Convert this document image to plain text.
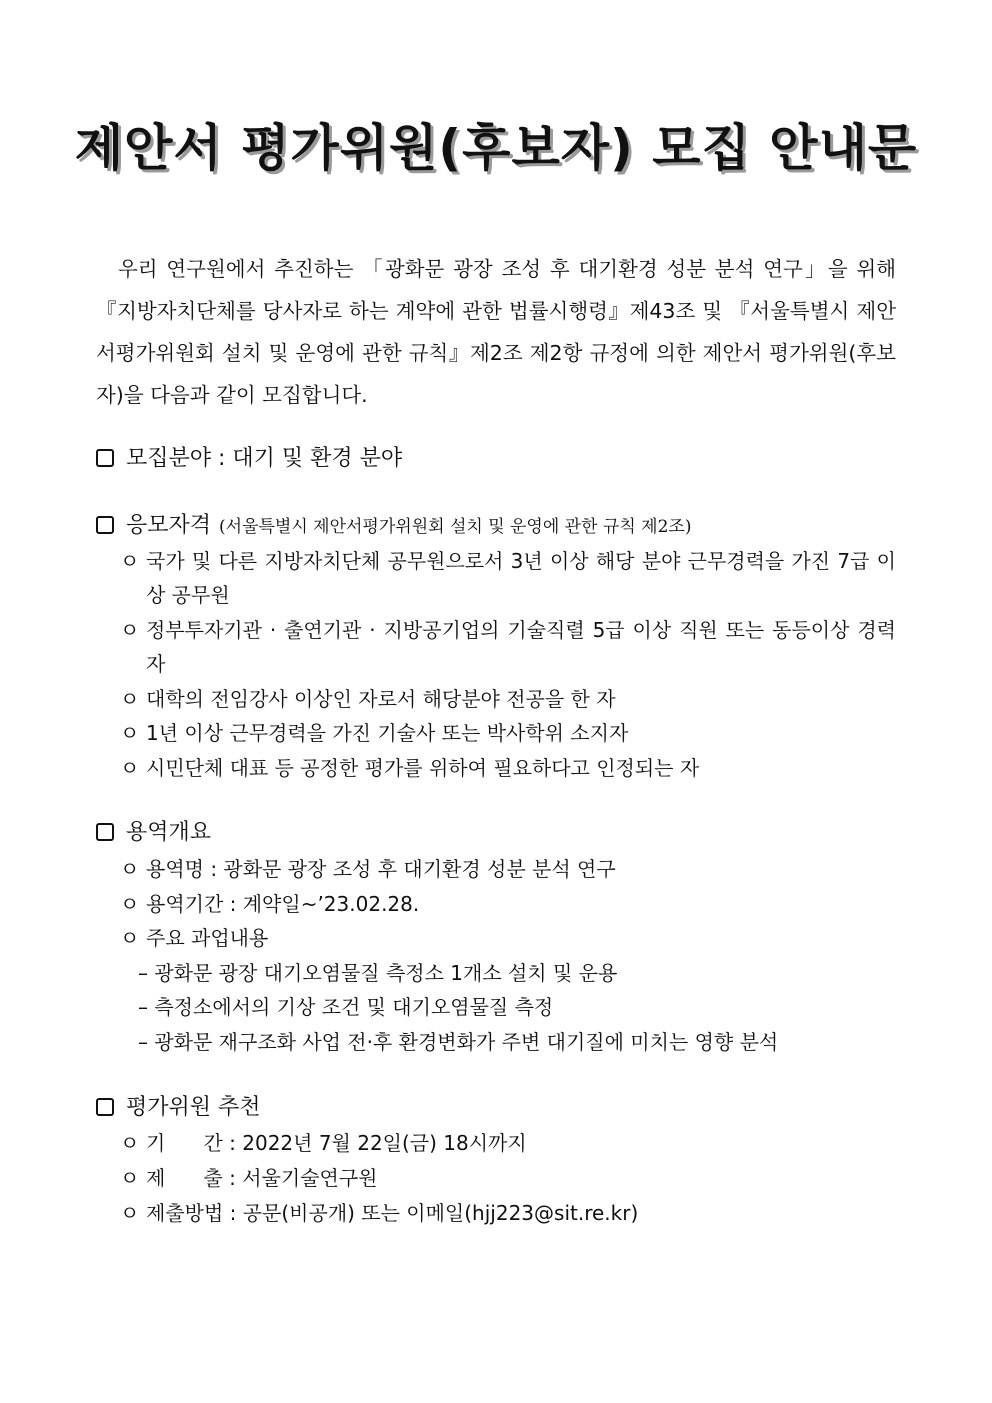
제안서 평가위원(후보자) 모집 안내문

우리 연구원에서 추진하는 「광화문 광장 조성 후 대기환경 성분 분석 연구」을 위해『지방자치단체를 당사자로 하는 계약에 관한 법률시행령』제43조 및 『서울특별시 제안서평가위원회 설치 및 운영에 관한 규칙』제2조 제2항 규정에 의한 제안서 평가위원(후보자)을 다음과 같이 모집합니다.

모집분야 : 대기 및 환경 분야
응모자격 (서울특별시 제안서평가위원회 설치 및 운영에 관한 규칙 제2조)
ㅇ 국가 및 다른 지방자치단체 공무원으로서 3년 이상 해당 분야 근무경력을 가진 7급 이상 공무원
ㅇ 정부투자기관 · 출연기관 · 지방공기업의 기술직렬 5급 이상 직원 또는 동등이상 경력자
ㅇ 대학의 전임강사 이상인 자로서 해당분야 전공을 한 자
ㅇ 1년 이상 근무경력을 가진 기술사 또는 박사학위 소지자
ㅇ 시민단체 대표 등 공정한 평가를 위하여 필요하다고 인정되는 자
용역개요
ㅇ 용역명 : 광화문 광장 조성 후 대기환경 성분 분석 연구
ㅇ 용역기간 : 계약일~’23.02.28.
ㅇ 주요 과업내용
– 광화문 광장 대기오염물질 측정소 1개소 설치 및 운용
– 측정소에서의 기상 조건 및 대기오염물질 측정
– 광화문 재구조화 사업 전·후 환경변화가 주변 대기질에 미치는 영향 분석
평가위원 추천
ㅇ 기      간 : 2022년 7월 22일(금) 18시까지
ㅇ 제      출 : 서울기술연구원
ㅇ 제출방법 : 공문(비공개) 또는 이메일(hjj223@sit.re.kr)
